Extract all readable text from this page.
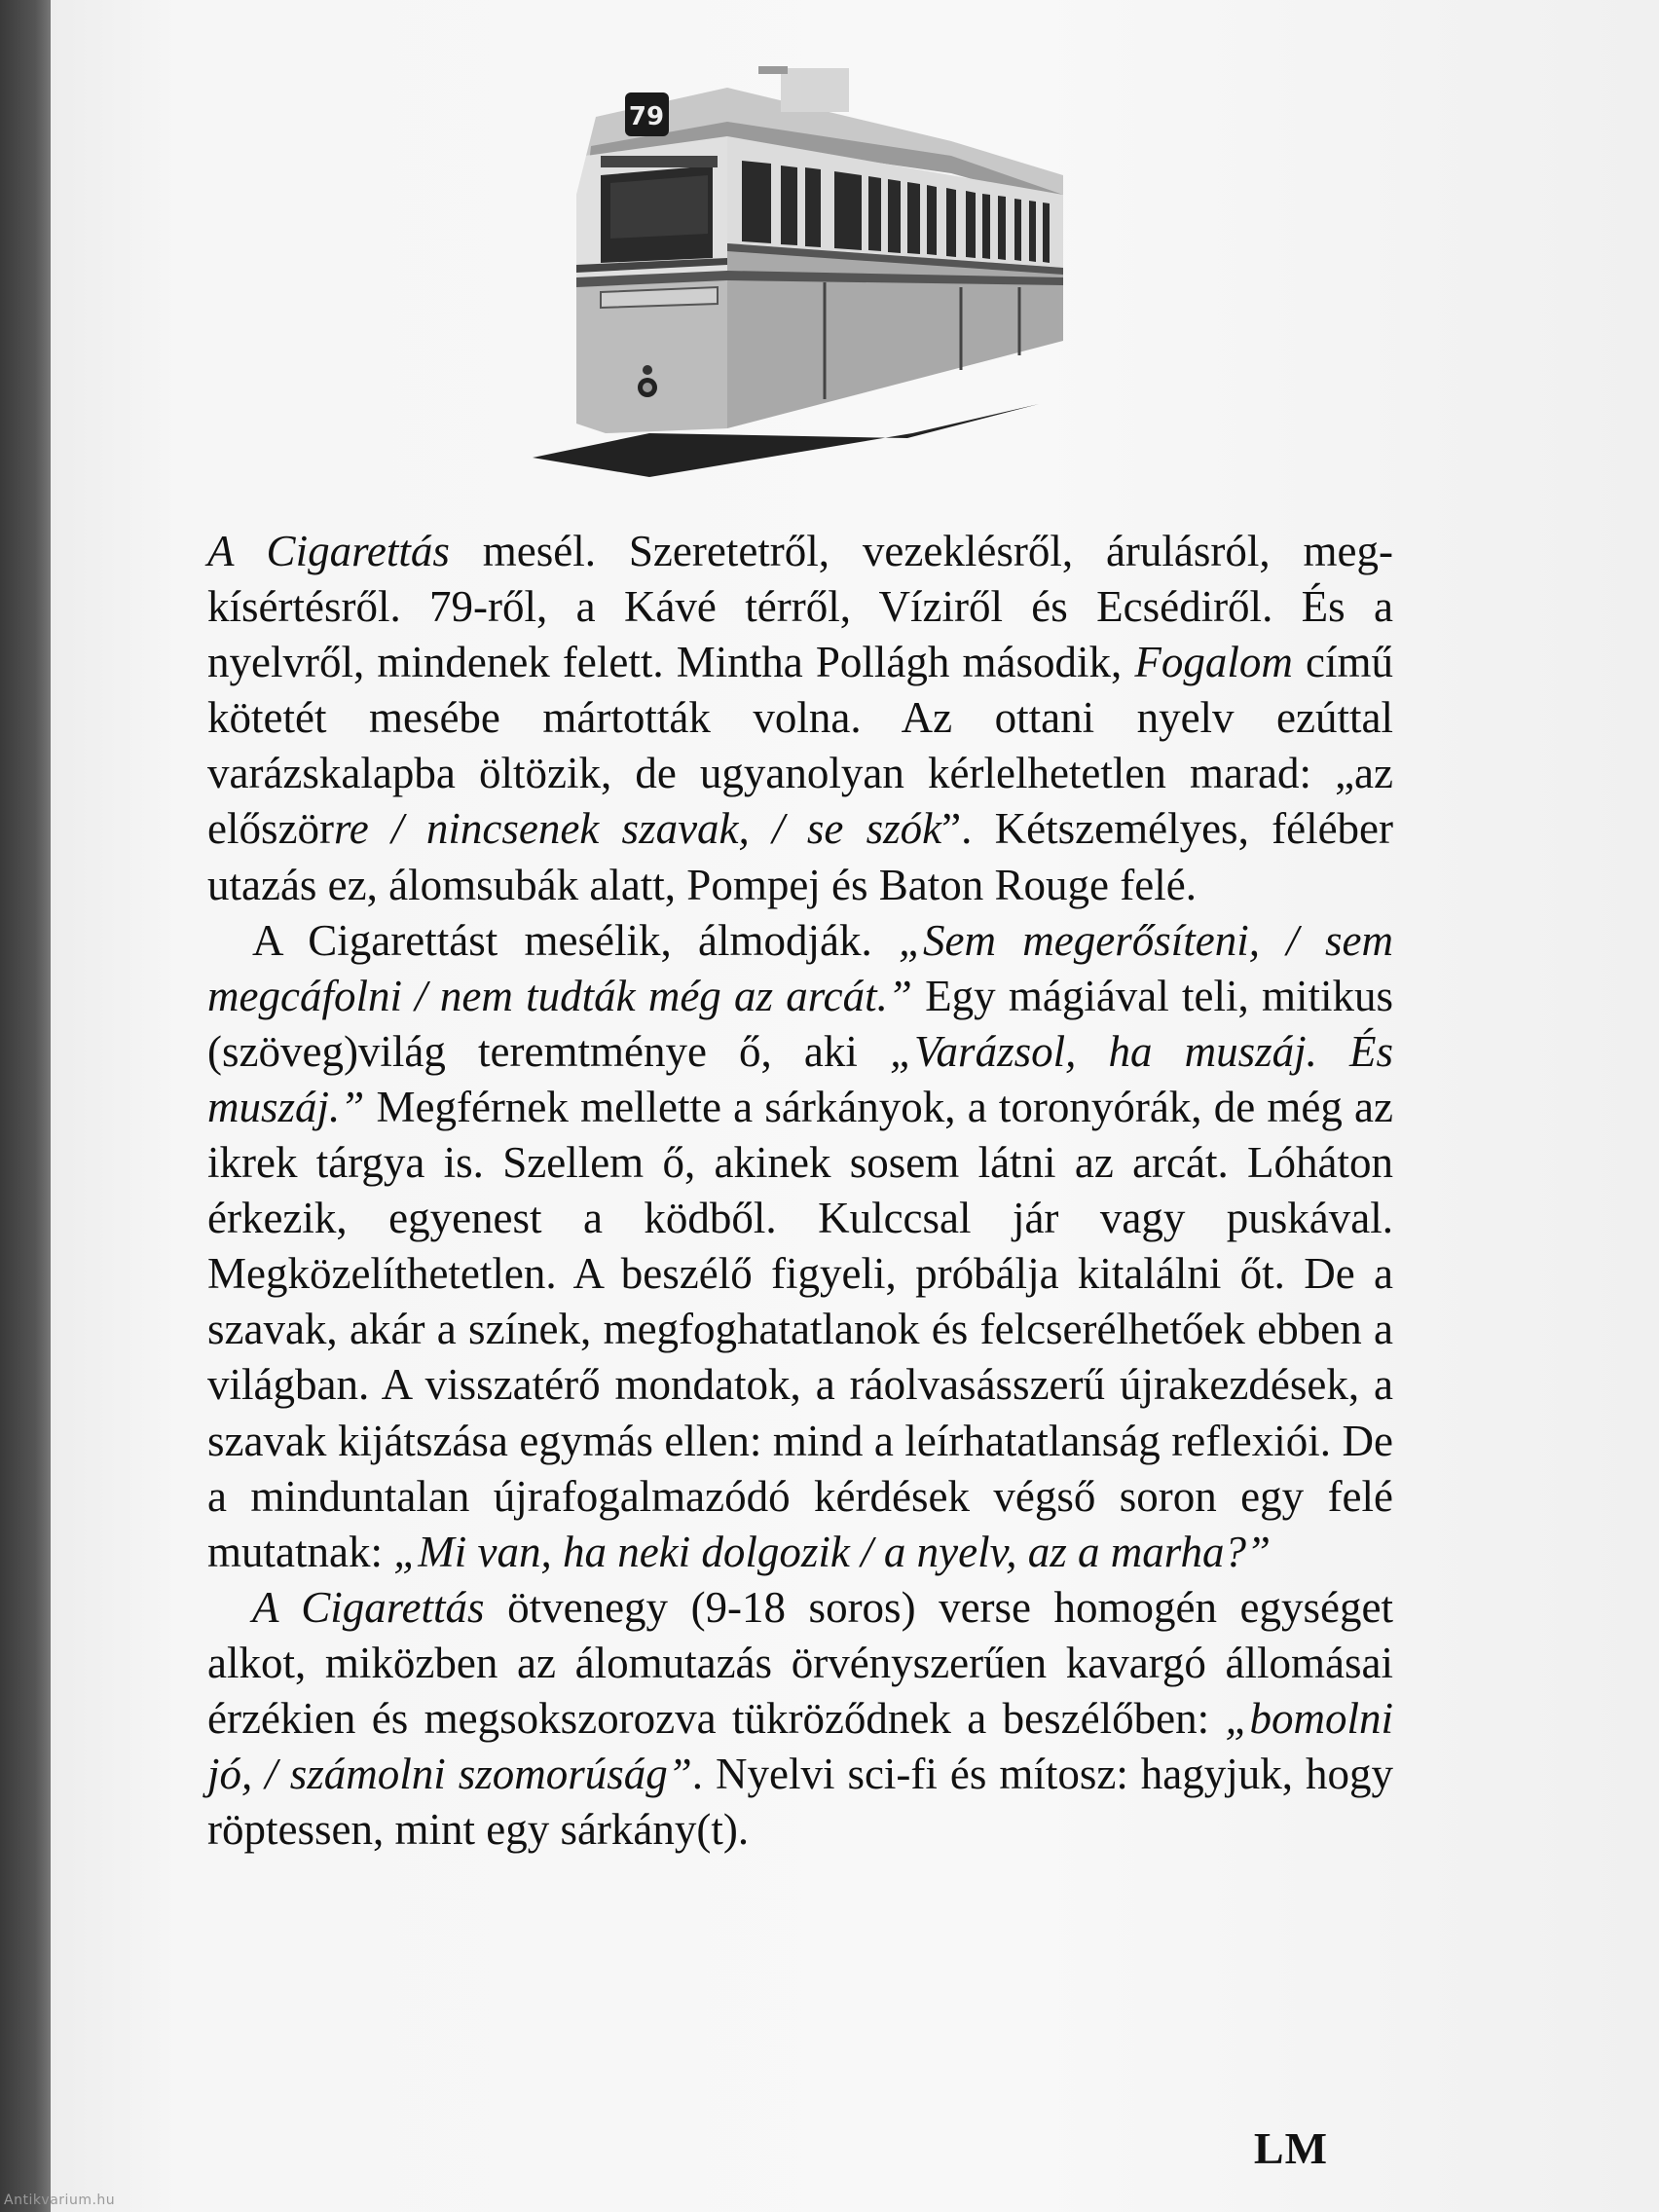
79

A Cigarettás mesél. Szeretetről, vezeklésről, árulásról, megkísértésről. 79-ről, a Kávé térről, Víziről és Ecsédiről. És a nyelvről, mindenek felett. Mintha Pollágh második, Fogalom című kötetét mesébe mártották volna. Az ottani nyelv ezúttal varázskalapba öltözik, de ugyanolyan kérlelhetetlen marad: „az előszörre / nincsenek szavak, / se szók”. Kétszemélyes, féléber utazás ez, álomsubák alatt, Pompej és Baton Rouge felé.

A Cigarettást mesélik, álmodják. „Sem megerősíteni, / sem megcáfolni / nem tudták még az arcát.” Egy mágiával teli, mitikus (szöveg)világ teremtménye ő, aki „Varázsol, ha muszáj. És muszáj.” Megférnek mellette a sárkányok, a toronyórák, de még az ikrek tárgya is. Szellem ő, akinek sosem látni az arcát. Lóháton érkezik, egyenest a ködből. Kulccsal jár vagy puskával. Megközelíthetetlen. A beszélő figyeli, próbálja kitalálni őt. De a szavak, akár a színek, megfoghatatlanok és felcserélhetőek ebben a világban. A visszatérő mondatok, a ráolvasásszerű újrakezdések, a szavak kijátszása egymás ellen: mind a leírhatatlanság reflexiói. De a minduntalan újrafogalmazódó kérdések végső soron egy felé mutatnak: „Mi van, ha neki dolgozik / a nyelv, az a marha?”

A Cigarettás ötvenegy (9-18 soros) verse homogén egységet alkot, miközben az álomutazás örvényszerűen kavargó állomásai érzékien és megsokszorozva tükröződnek a beszélőben: „bomolni jó, / számolni szomorúság”. Nyelvi sci-fi és mítosz: hagyjuk, hogy röptessen, mint egy sárkány(t).

LM
Antikvarium.hu
